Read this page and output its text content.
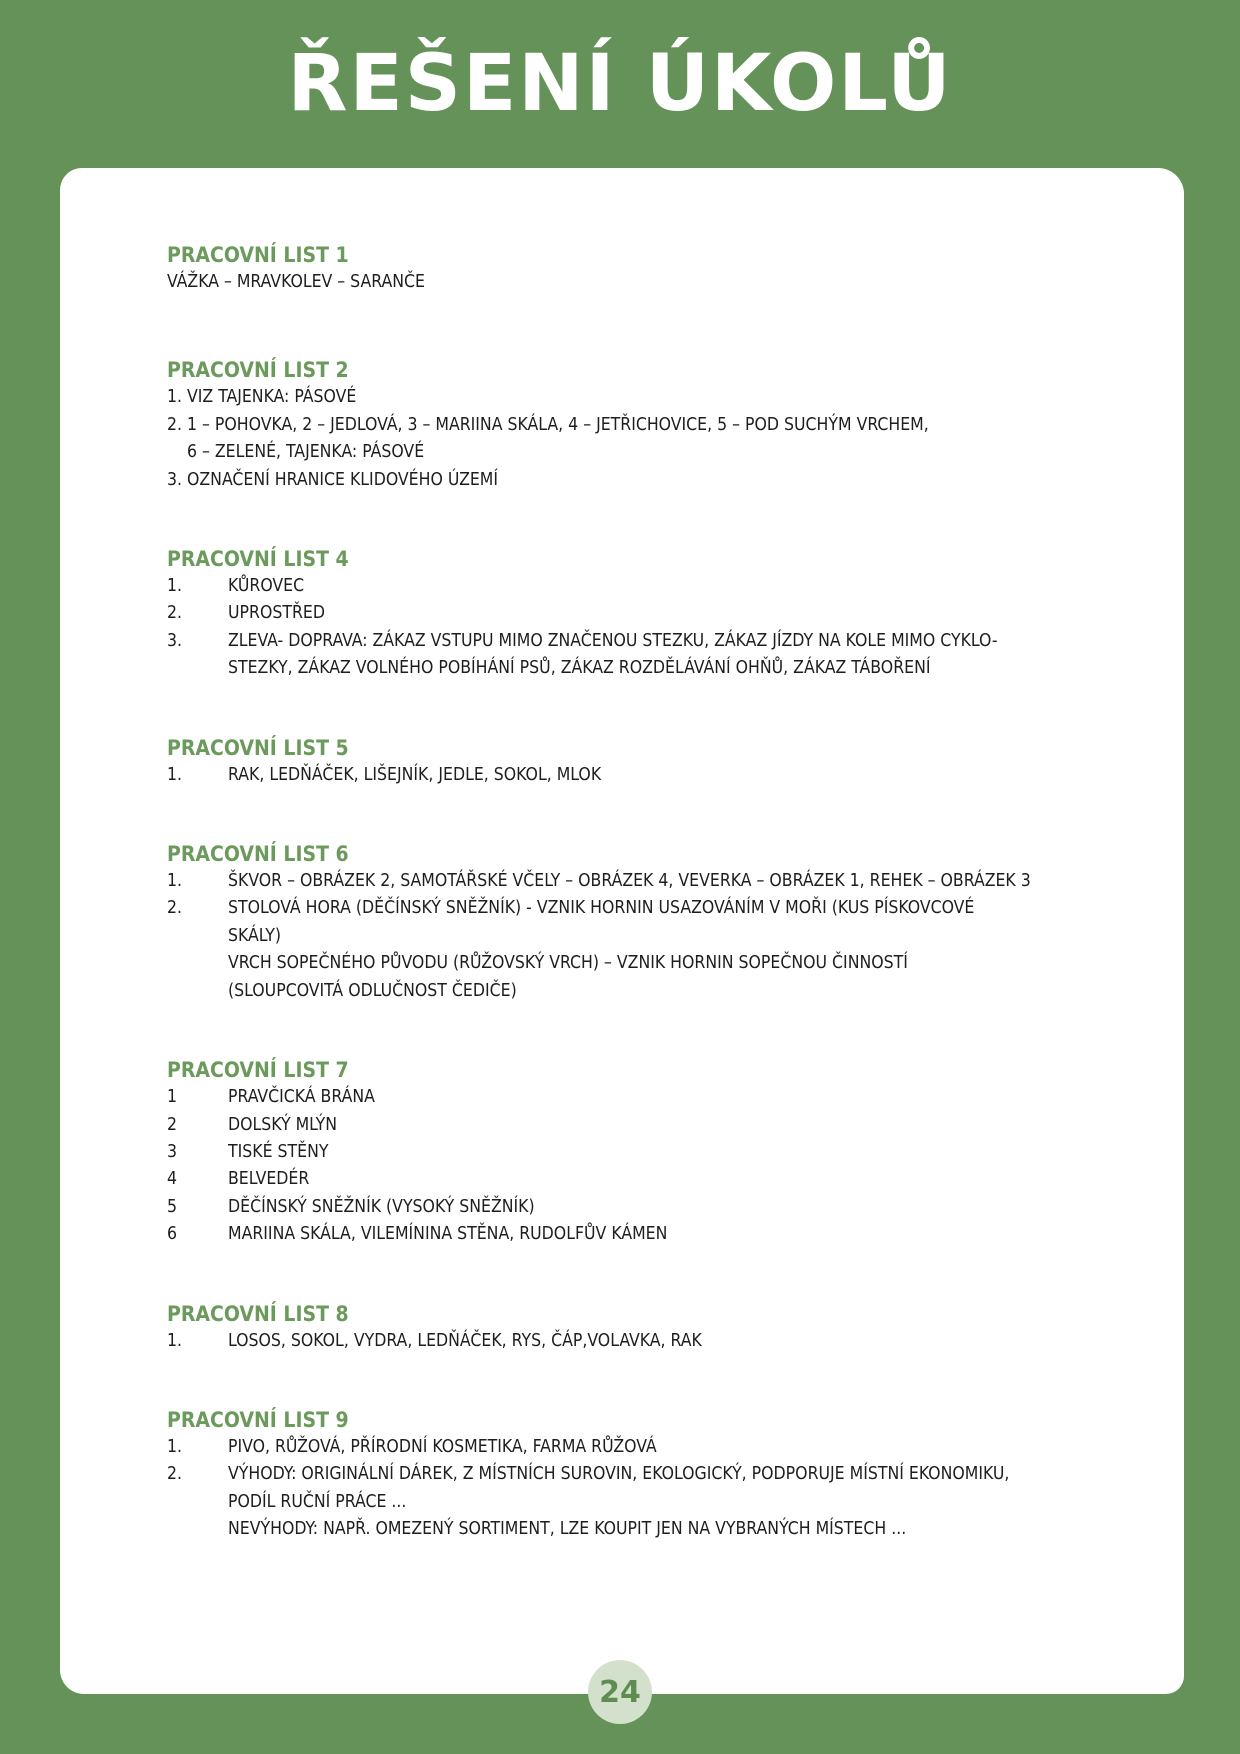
ŘEŠENÍ ÚKOLŮ
PRACOVNÍ LIST 1
VÁŽKA – MRAVKOLEV – SARANČE
PRACOVNÍ LIST 2
1. VIZ TAJENKA: PÁSOVÉ
2. 1 – POHOVKA, 2 – JEDLOVÁ, 3 – MARIINA SKÁLA, 4 – JETŘICHOVICE, 5 – POD SUCHÝM VRCHEM,
6 – ZELENÉ, TAJENKA: PÁSOVÉ
3. OZNAČENÍ HRANICE KLIDOVÉHO ÚZEMÍ
PRACOVNÍ LIST 4
1.	KŮROVEC
2.	UPROSTŘED
3.	ZLEVA- DOPRAVA: ZÁKAZ VSTUPU MIMO ZNAČENOU STEZKU, ZÁKAZ JÍZDY NA KOLE MIMO CYKLO-
STEZKY, ZÁKAZ VOLNÉHO POBÍHÁNÍ PSŮ, ZÁKAZ ROZDĚLÁVÁNÍ OHŇŮ, ZÁKAZ TÁBOŘENÍ
PRACOVNÍ LIST 5
1.	RAK, LEDŇÁČEK, LIŠEJNÍK, JEDLE, SOKOL, MLOK
PRACOVNÍ LIST 6
1.	ŠKVOR – OBRÁZEK 2, SAMOTÁŘSKÉ VČELY – OBRÁZEK 4, VEVERKA – OBRÁZEK 1, REHEK – OBRÁZEK 3
2.	STOLOVÁ HORA (DĚČÍNSKÝ SNĚŽNÍK) - VZNIK HORNIN USAZOVÁNÍM V MOŘI (KUS PÍSKOVCOVÉ
SKÁLY)
VRCH SOPEČNÉHO PŮVODU (RŮŽOVSKÝ VRCH) – VZNIK HORNIN SOPEČNOU ČINNOSTÍ
(SLOUPCOVITÁ ODLUČNOST ČEDIČE)
PRACOVNÍ LIST 7
1	PRAVČICKÁ BRÁNA
2	DOLSKÝ MLÝN
3	TISKÉ STĚNY
4	BELVEDÉR
5	DĚČÍNSKÝ SNĚŽNÍK (VYSOKÝ SNĚŽNÍK)
6	MARIINA SKÁLA, VILEMÍNINA STĚNA, RUDOLFŮV KÁMEN
PRACOVNÍ LIST 8
1.	LOSOS, SOKOL, VYDRA, LEDŇÁČEK, RYS, ČÁP,VOLAVKA, RAK
PRACOVNÍ LIST 9
1.	PIVO, RŮŽOVÁ, PŘÍRODNÍ KOSMETIKA, FARMA RŮŽOVÁ
2.	VÝHODY: ORIGINÁLNÍ DÁREK, Z MÍSTNÍCH SUROVIN, EKOLOGICKÝ, PODPORUJE MÍSTNÍ EKONOMIKU,
PODÍL RUČNÍ PRÁCE ...
NEVÝHODY: NAPŘ. OMEZENÝ SORTIMENT, LZE KOUPIT JEN NA VYBRANÝCH MÍSTECH ...
24
